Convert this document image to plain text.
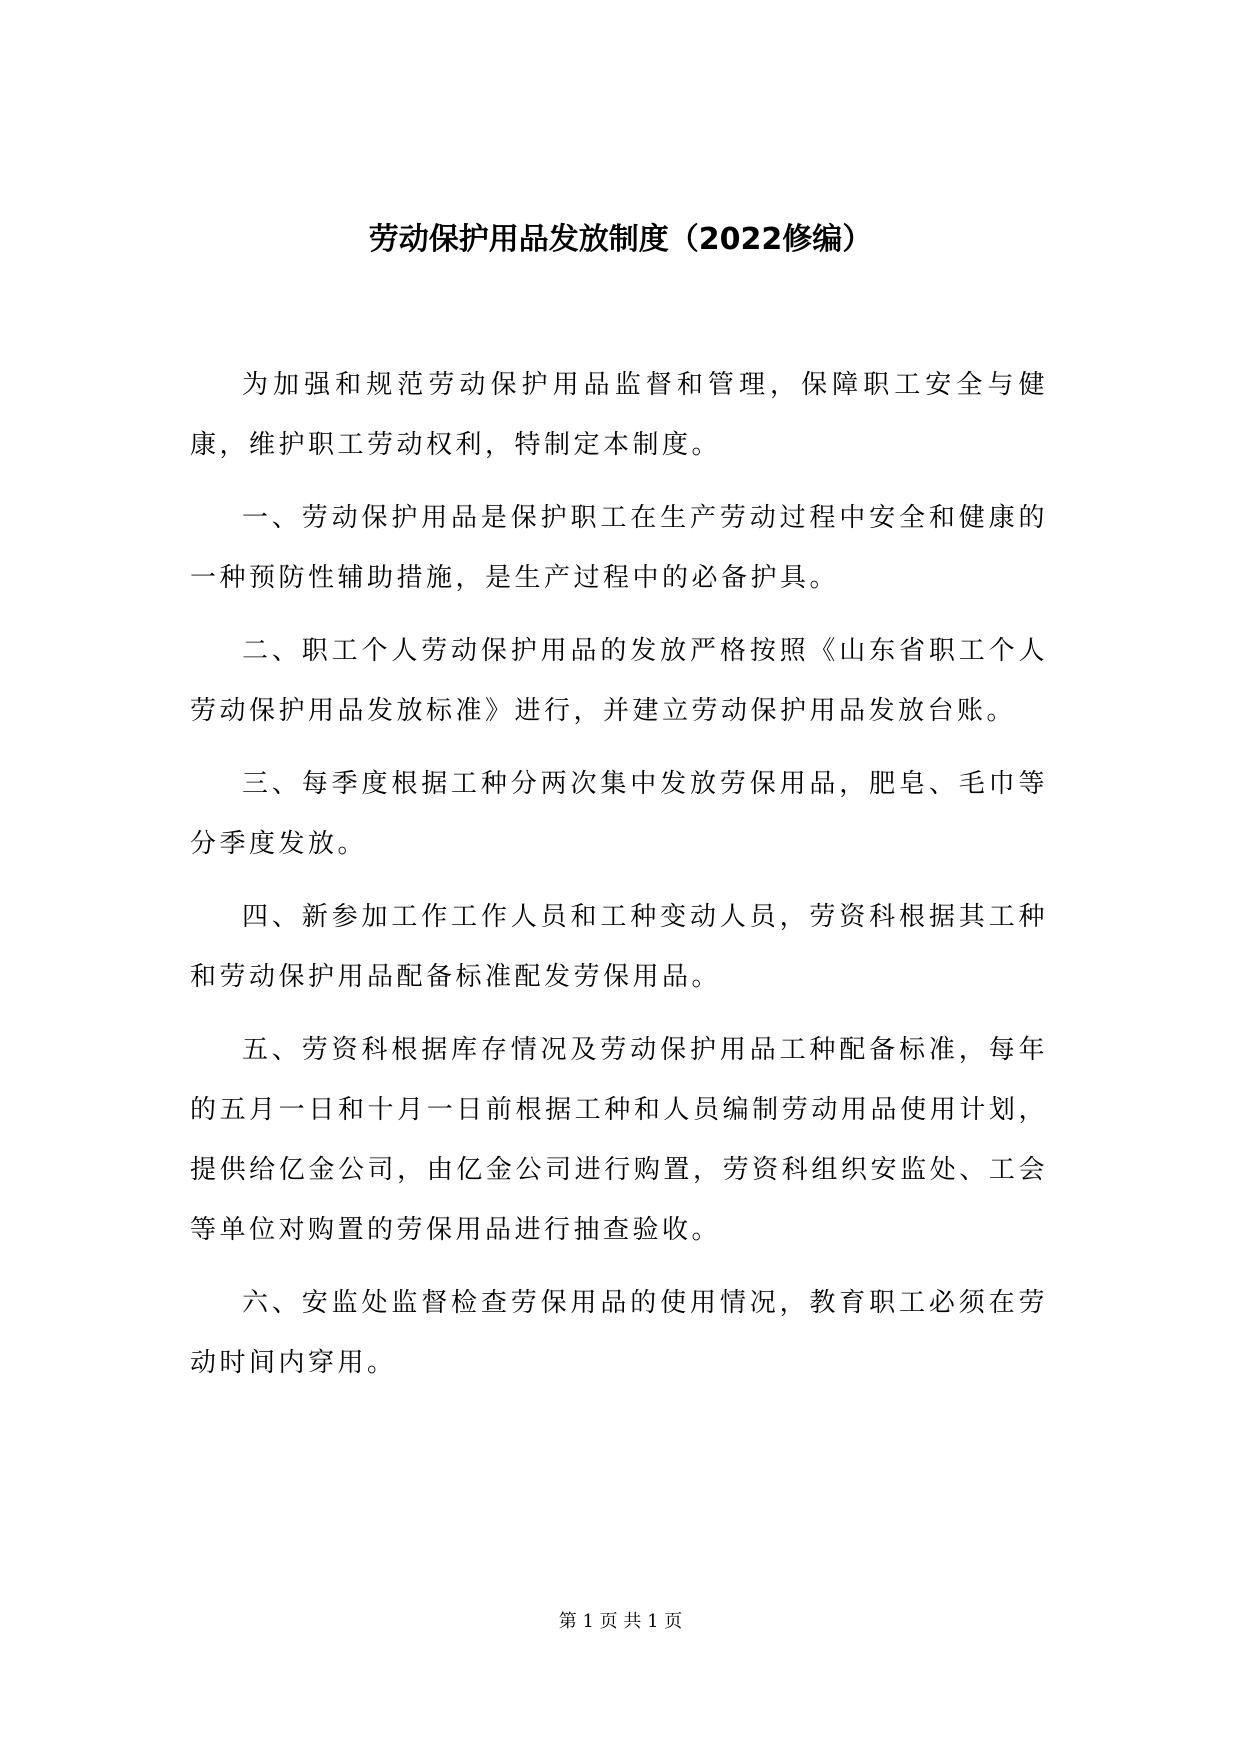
劳动保护用品发放制度（2022修编）

为加强和规范劳动保护用品监督和管理，保障职工安全与健康，维护职工劳动权利，特制定本制度。

一、劳动保护用品是保护职工在生产劳动过程中安全和健康的一种预防性辅助措施，是生产过程中的必备护具。

二、职工个人劳动保护用品的发放严格按照《山东省职工个人劳动保护用品发放标准》进行，并建立劳动保护用品发放台账。

三、每季度根据工种分两次集中发放劳保用品，肥皂、毛巾等分季度发放。

四、新参加工作工作人员和工种变动人员，劳资科根据其工种和劳动保护用品配备标准配发劳保用品。

五、劳资科根据库存情况及劳动保护用品工种配备标准，每年的五月一日和十月一日前根据工种和人员编制劳动用品使用计划，提供给亿金公司，由亿金公司进行购置，劳资科组织安监处、工会等单位对购置的劳保用品进行抽查验收。

六、安监处监督检查劳保用品的使用情况，教育职工必须在劳动时间内穿用。

第 1 页 共 1 页
